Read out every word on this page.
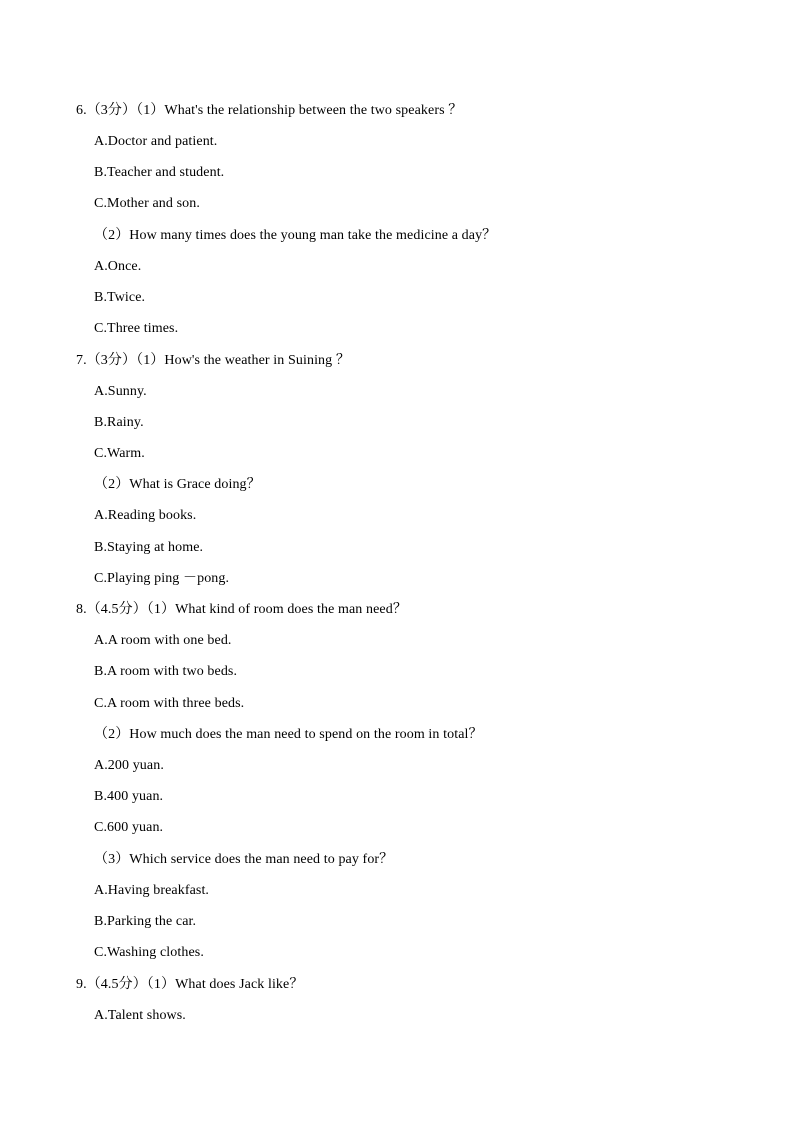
6.（3分）（1）What's the relationship between the two speakers ？
A.Doctor and patient.
B.Teacher and student.
C.Mother and son.
（2）How many times does the young man take the medicine a day？
A.Once.
B.Twice.
C.Three times.
7.（3分）（1）How's the weather in Suining ？
A.Sunny.
B.Rainy.
C.Warm.
（2）What is Grace doing？
A.Reading books.
B.Staying at home.
C.Playing ping －pong.
8.（4.5分）（1）What kind of room does the man need？
A.A room with one bed.
B.A room with two beds.
C.A room with three beds.
（2）How much does the man need to spend on the room in total？
A.200 yuan.
B.400 yuan.
C.600 yuan.
（3）Which service does the man need to pay for？
A.Having breakfast.
B.Parking the car.
C.Washing clothes.
9.（4.5分）（1）What does Jack like？
A.Talent shows.
